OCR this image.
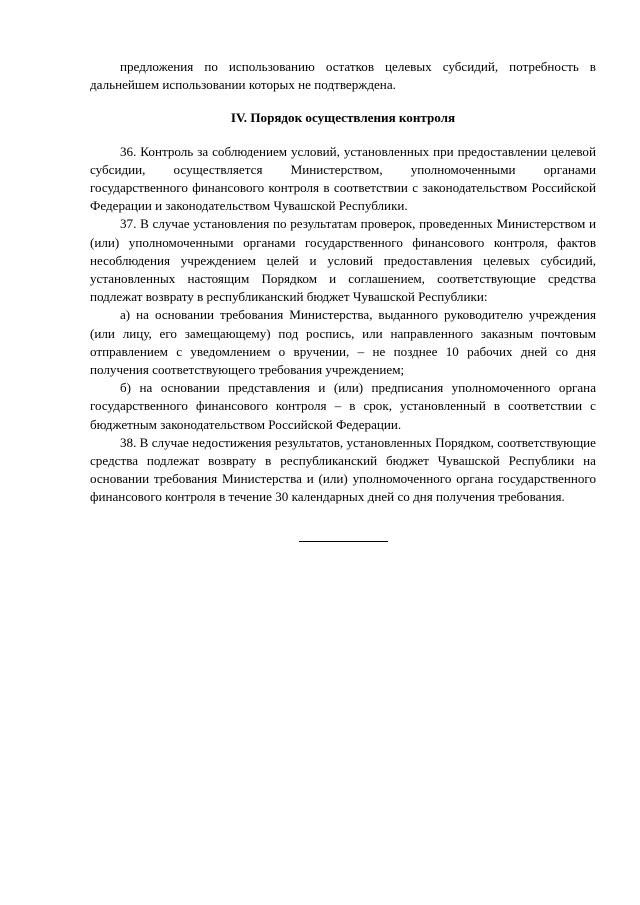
предложения по использованию остатков целевых субсидий, потребность в дальнейшем использовании которых не подтверждена.

IV. Порядок осуществления контроля

36. Контроль за соблюдением условий, установленных при предоставлении целевой субсидии, осуществляется Министерством, уполномоченными органами государственного финансового контроля в соответствии с законодательством Российской Федерации и законодательством Чувашской Республики.

37. В случае установления по результатам проверок, проведенных Министерством и (или) уполномоченными органами государственного финансового контроля, фактов несоблюдения учреждением целей и условий предоставления целевых субсидий, установленных настоящим Порядком и соглашением, соответствующие средства подлежат возврату в республиканский бюджет Чувашской Республики:

а) на основании требования Министерства, выданного руководителю учреждения (или лицу, его замещающему) под роспись, или направленного заказным почтовым отправлением с уведомлением о вручении, – не позднее 10 рабочих дней со дня получения соответствующего требования учреждением;

б) на основании представления и (или) предписания уполномоченного органа государственного финансового контроля – в срок, установленный в соответствии с бюджетным законодательством Российской Федерации.

38. В случае недостижения результатов, установленных Порядком, соответствующие средства подлежат возврату в республиканский бюджет Чувашской Республики на основании требования Министерства и (или) уполномоченного органа государственного финансового контроля в течение 30 календарных дней со дня получения требования.
